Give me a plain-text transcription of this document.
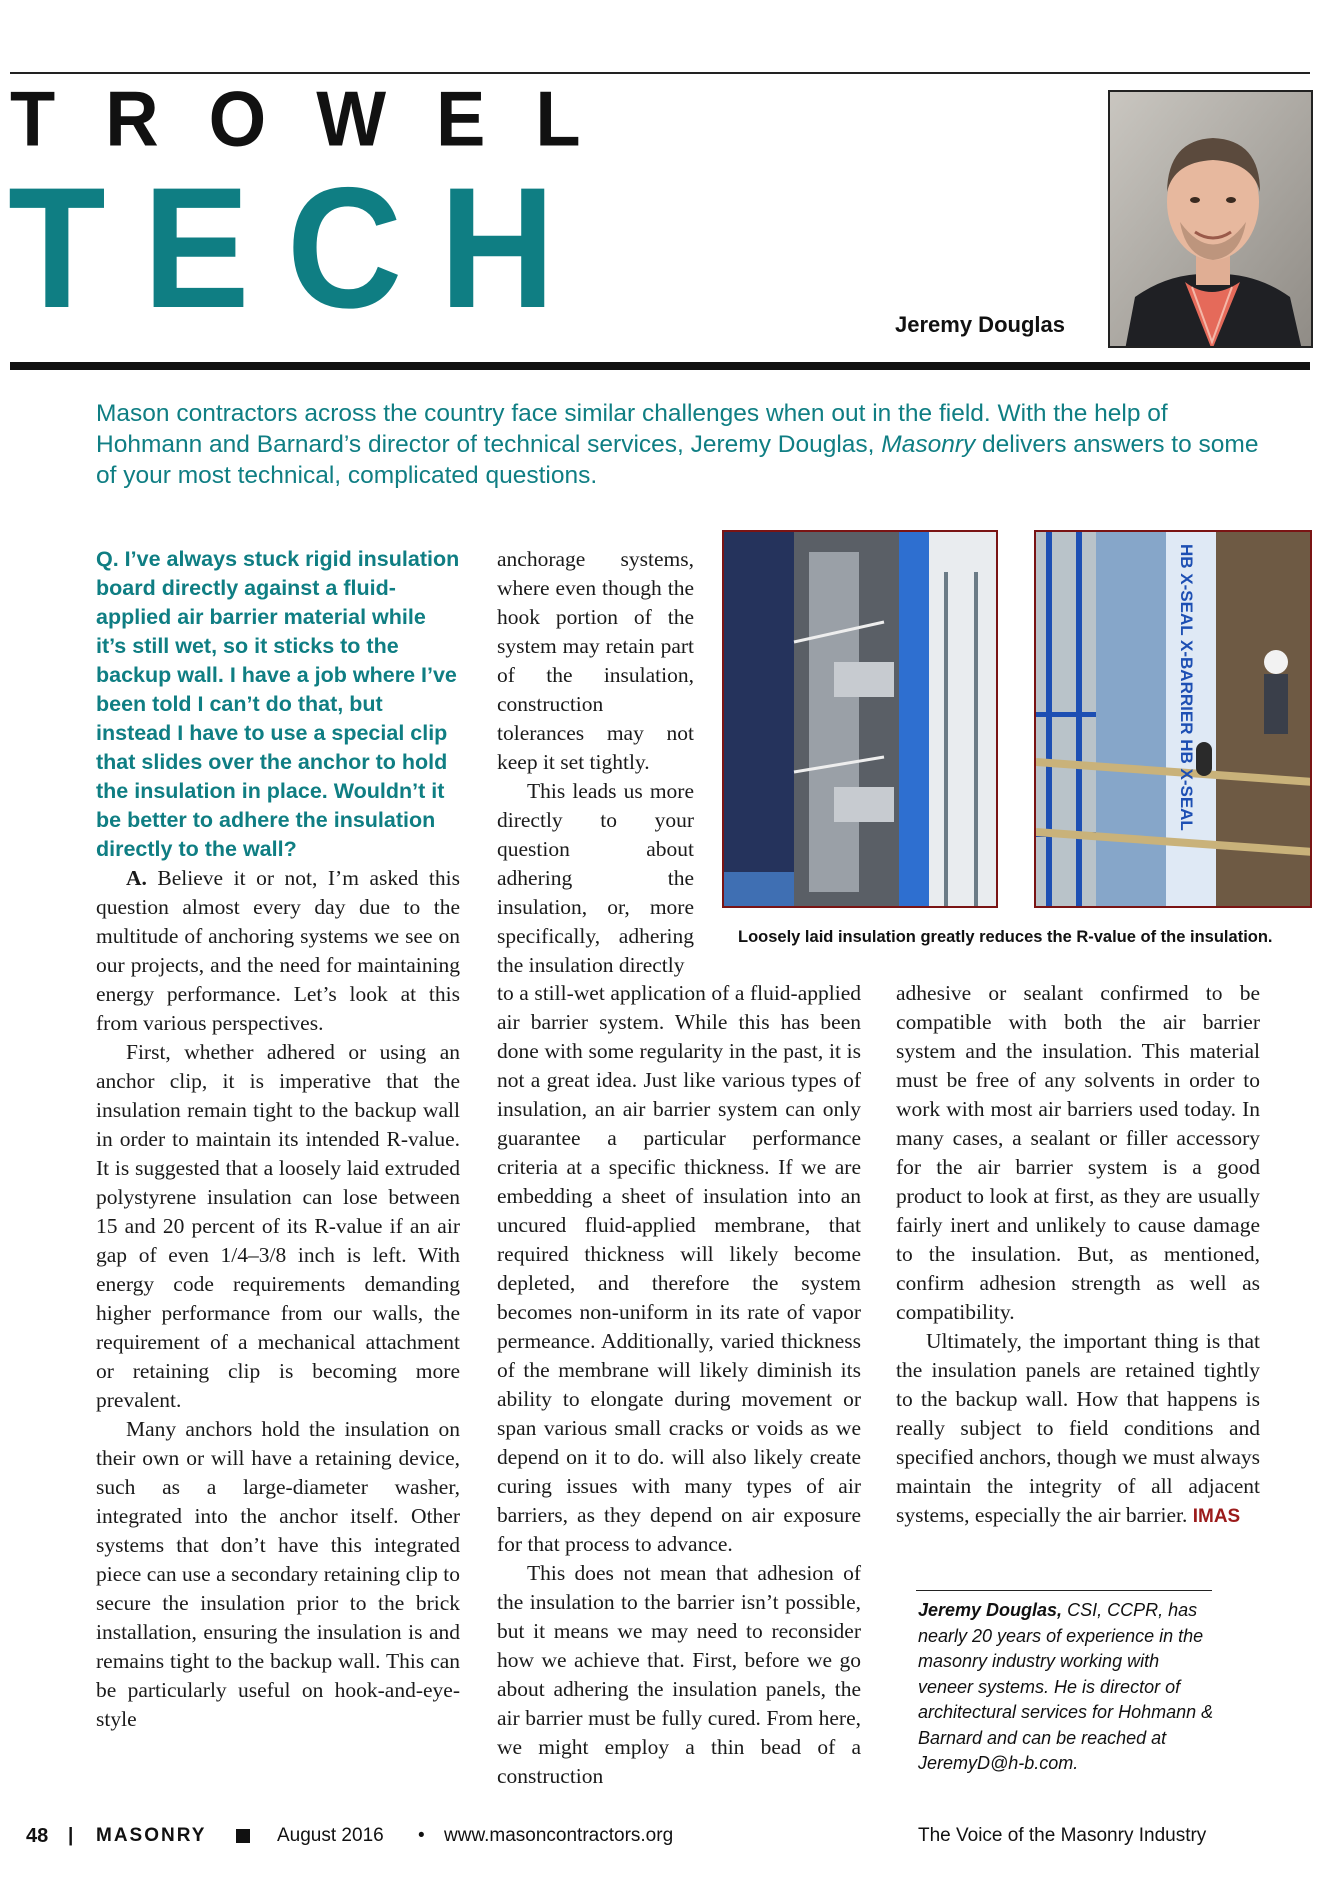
TROWEL
TECH	Jeremy Douglas
Mason contractors across the country face similar challenges when out in the field. With the help of Hohmann and Barnard’s director of technical services, Jeremy Douglas, Masonry delivers answers to some of your most technical, complicated questions.

Q. I’ve always stuck rigid insulation board directly against a fluid-applied air barrier material while it’s still wet, so it sticks to the backup wall. I have a job where I’ve been told I can’t do that, but instead I have to use a special clip that slides over the anchor to hold the insulation in place. Wouldn’t it be better to adhere the insulation directly to the wall?

A. Believe it or not, I’m asked this question almost every day due to the multitude of anchoring systems we see on our projects, and the need for maintaining energy performance. Let’s look at this from various perspectives.

First, whether adhered or using an anchor clip, it is imperative that the insulation remain tight to the backup wall in order to maintain its intended R-value. It is suggested that a loosely laid extruded polystyrene insulation can lose between 15 and 20 percent of its R-value if an air gap of even 1/4–3/8 inch is left. With energy code requirements demanding higher performance from our walls, the requirement of a mechanical attachment or retaining clip is becoming more prevalent.

Many anchors hold the insulation on their own or will have a retaining device, such as a large-diameter washer, integrated into the anchor itself. Other systems that don’t have this integrated piece can use a secondary retaining clip to secure the insulation prior to the brick installation, ensuring the insulation is and remains tight to the backup wall. This can be particularly useful on hook-and-eye-style

anchorage systems, where even though the hook portion of the system may retain part of the insulation, construction tolerances may not keep it set tightly.

This leads us more directly to your question about adhering the insulation, or, more specifically, adhering the insulation directly

to a still-wet application of a fluid-applied air barrier system. While this has been done with some regularity in the past, it is not a great idea. Just like various types of insulation, an air barrier system can only guarantee a particular performance criteria at a specific thickness. If we are embedding a sheet of insulation into an uncured fluid-applied membrane, that required thickness will likely become depleted, and therefore the system becomes non-uniform in its rate of vapor permeance. Additionally, varied thickness of the membrane will likely diminish its ability to elongate during movement or span various small cracks or voids as we depend on it to do. will also likely create curing issues with many types of air barriers, as they depend on air exposure for that process to advance.

This does not mean that adhesion of the insulation to the barrier isn’t possible, but it means we may need to reconsider how we achieve that. First, before we go about adhering the insulation panels, the air barrier must be fully cured. From here, we might employ a thin bead of a construction

HB X-SEAL X-BARRIER HB X-SEAL
Loosely laid insulation greatly reduces the R-value of the insulation.

adhesive or sealant confirmed to be compatible with both the air barrier system and the insulation. This material must be free of any solvents in order to work with most air barriers used today. In many cases, a sealant or filler accessory for the air barrier system is a good product to look at first, as they are usually fairly inert and unlikely to cause damage to the insulation. But, as mentioned, confirm adhesion strength as well as compatibility.

Ultimately, the important thing is that the insulation panels are retained tightly to the backup wall. How that happens is really subject to field conditions and specified anchors, though we must always maintain the integrity of all adjacent systems, especially the air barrier. IMAS

Jeremy Douglas, CSI, CCPR, has nearly 20 years of experience in the masonry industry working with veneer systems. He is director of architectural services for Hohmann & Barnard and can be reached at JeremyD@h-b.com.
48 | MASONRY	August 2016 • www.masoncontractors.org	The Voice of the Masonry Industry
